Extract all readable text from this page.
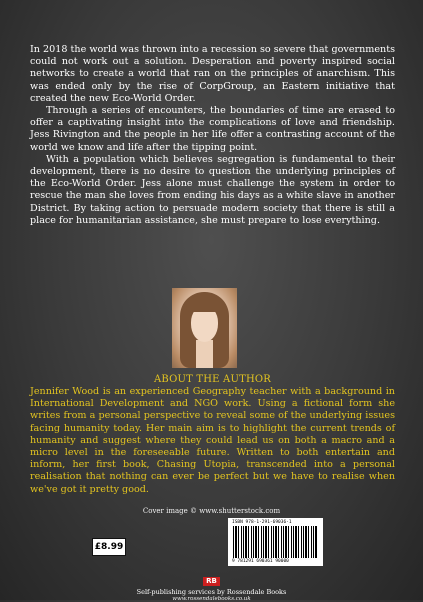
In 2018 the world was thrown into a recession so severe that governments could not work out a solution. Desperation and poverty inspired social networks to create a world that ran on the principles of anarchism. This was ended only by the rise of CorpGroup, an Eastern initiative that created the new Eco-World Order.

Through a series of encounters, the boundaries of time are erased to offer a captivating insight into the complications of love and friendship. Jess Rivington and the people in her life offer a contrasting account of the world we know and life after the tipping point.

With a population which believes segregation is fundamental to their development, there is no desire to question the underlying principles of the Eco-World Order. Jess alone must challenge the system in order to rescue the man she loves from ending his days as a white slave in another District. By taking action to persuade modern society that there is still a place for humanitarian assistance, she must prepare to lose everything.

ABOUT THE AUTHOR
Jennifer Wood is an experienced Geography teacher with a background in International Development and NGO work. Using a fictional form she writes from a personal perspective to reveal some of the underlying issues facing humanity today. Her main aim is to highlight the current trends of humanity and suggest where they could lead us on both a macro and a micro level in the foreseeable future. Written to both entertain and inform, her first book, Chasing Utopia, transcended into a personal realisation that nothing can ever be perfect but we have to realise when we've got it pretty good.
Cover image © www.shutterstock.com
£8.99
ISBN 978-1-291-69036-1
9 781291 690361 90000
RB
Self-publishing services by Rossendale Books
www.rossendalebooks.co.uk
